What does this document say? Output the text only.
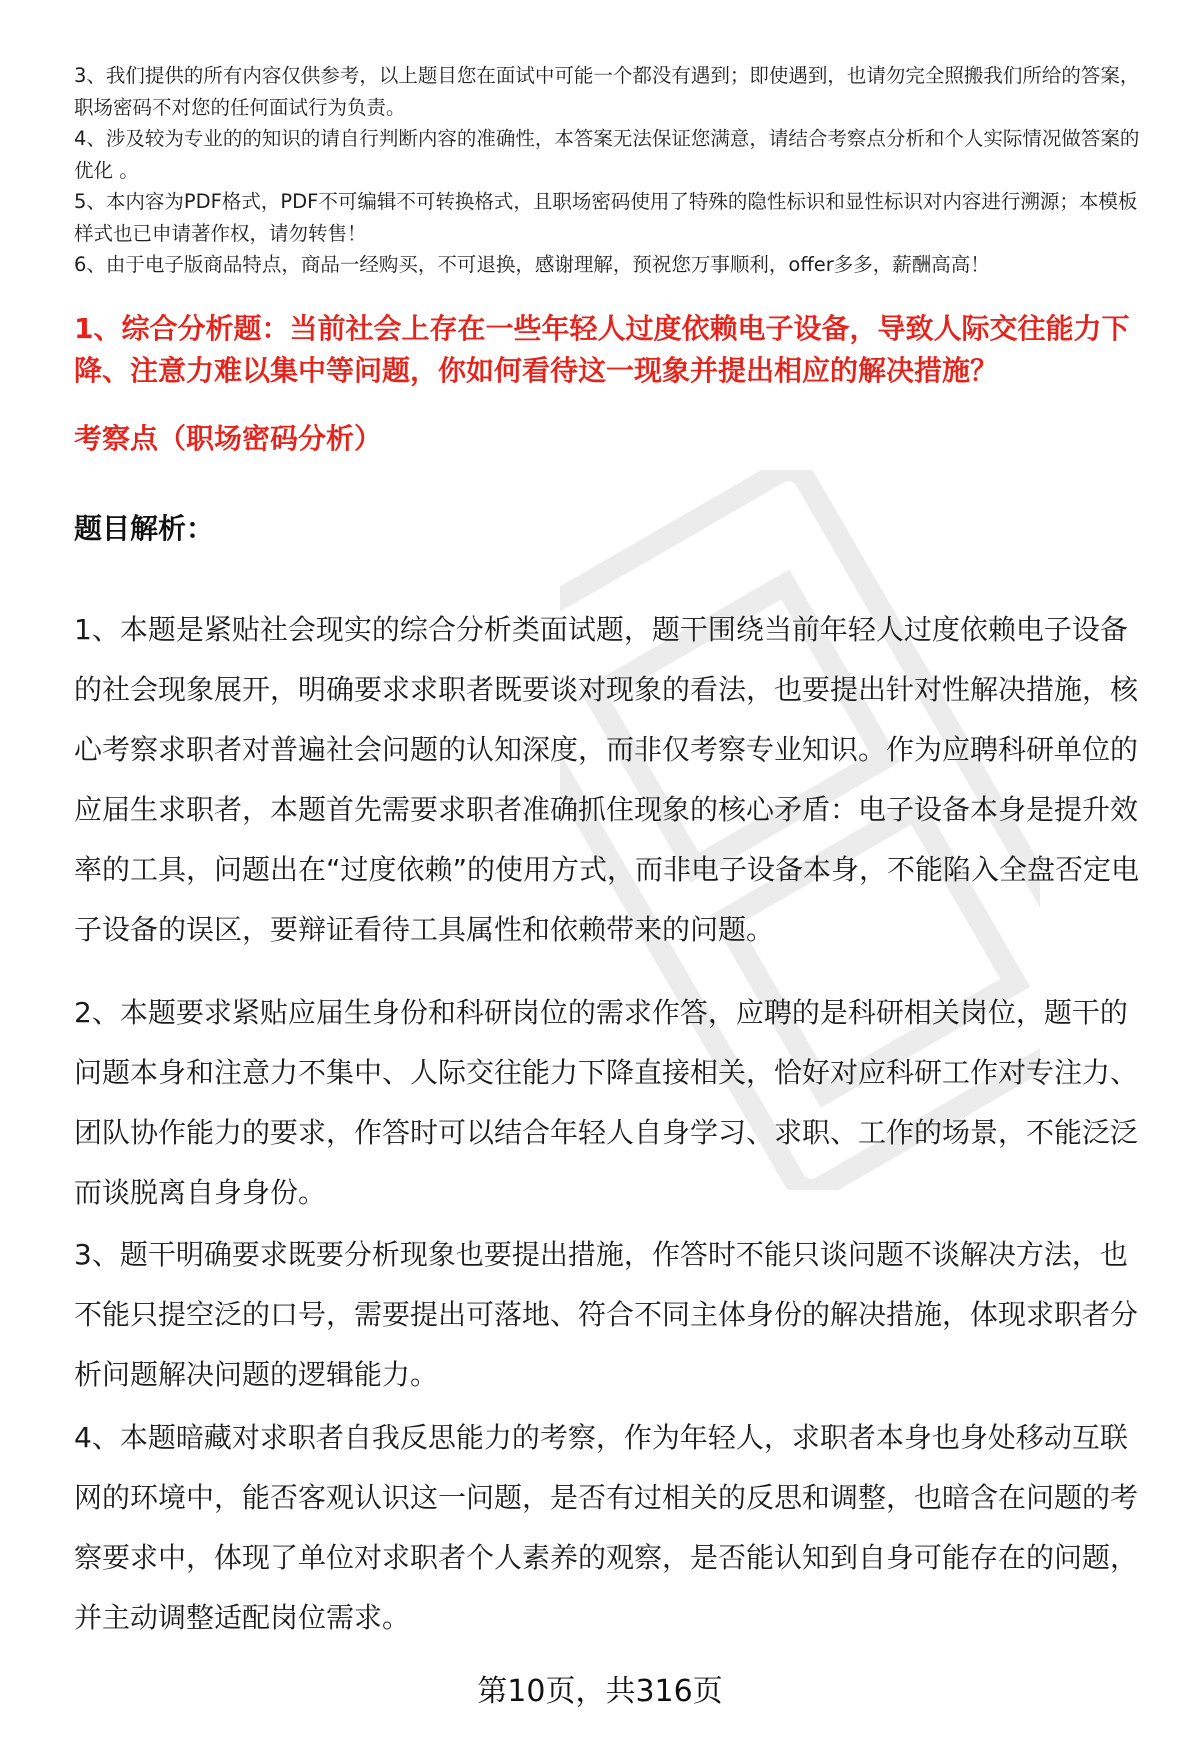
3、我们提供的所有内容仅供参考，以上题目您在面试中可能一个都没有遇到；即使遇到，也请勿完全照搬我们所给的答案，职场密码不对您的任何面试行为负责。

4、涉及较为专业的的知识的请自行判断内容的准确性，本答案无法保证您满意，请结合考察点分析和个人实际情况做答案的优化 。

5、本内容为PDF格式，PDF不可编辑不可转换格式，且职场密码使用了特殊的隐性标识和显性标识对内容进行溯源；本模板样式也已申请著作权，请勿转售！

6、由于电子版商品特点，商品一经购买，不可退换，感谢理解，预祝您万事顺利，offer多多，薪酬高高！

1、综合分析题：当前社会上存在一些年轻人过度依赖电子设备，导致人际交往能力下降、注意力难以集中等问题，你如何看待这一现象并提出相应的解决措施？
考察点（职场密码分析）
题目解析：

1、本题是紧贴社会现实的综合分析类面试题，题干围绕当前年轻人过度依赖电子设备的社会现象展开，明确要求求职者既要谈对现象的看法，也要提出针对性解决措施，核心考察求职者对普遍社会问题的认知深度，而非仅考察专业知识。作为应聘科研单位的应届生求职者，本题首先需要求职者准确抓住现象的核心矛盾：电子设备本身是提升效率的工具，问题出在“过度依赖”的使用方式，而非电子设备本身，不能陷入全盘否定电子设备的误区，要辩证看待工具属性和依赖带来的问题。

2、本题要求紧贴应届生身份和科研岗位的需求作答，应聘的是科研相关岗位，题干的问题本身和注意力不集中、人际交往能力下降直接相关，恰好对应科研工作对专注力、团队协作能力的要求，作答时可以结合年轻人自身学习、求职、工作的场景，不能泛泛而谈脱离自身身份。

3、题干明确要求既要分析现象也要提出措施，作答时不能只谈问题不谈解决方法，也不能只提空泛的口号，需要提出可落地、符合不同主体身份的解决措施，体现求职者分析问题解决问题的逻辑能力。

4、本题暗藏对求职者自我反思能力的考察，作为年轻人，求职者本身也身处移动互联网的环境中，能否客观认识这一问题，是否有过相关的反思和调整，也暗含在问题的考察要求中，体现了单位对求职者个人素养的观察，是否能认知到自身可能存在的问题，并主动调整适配岗位需求。

第10页，共316页
